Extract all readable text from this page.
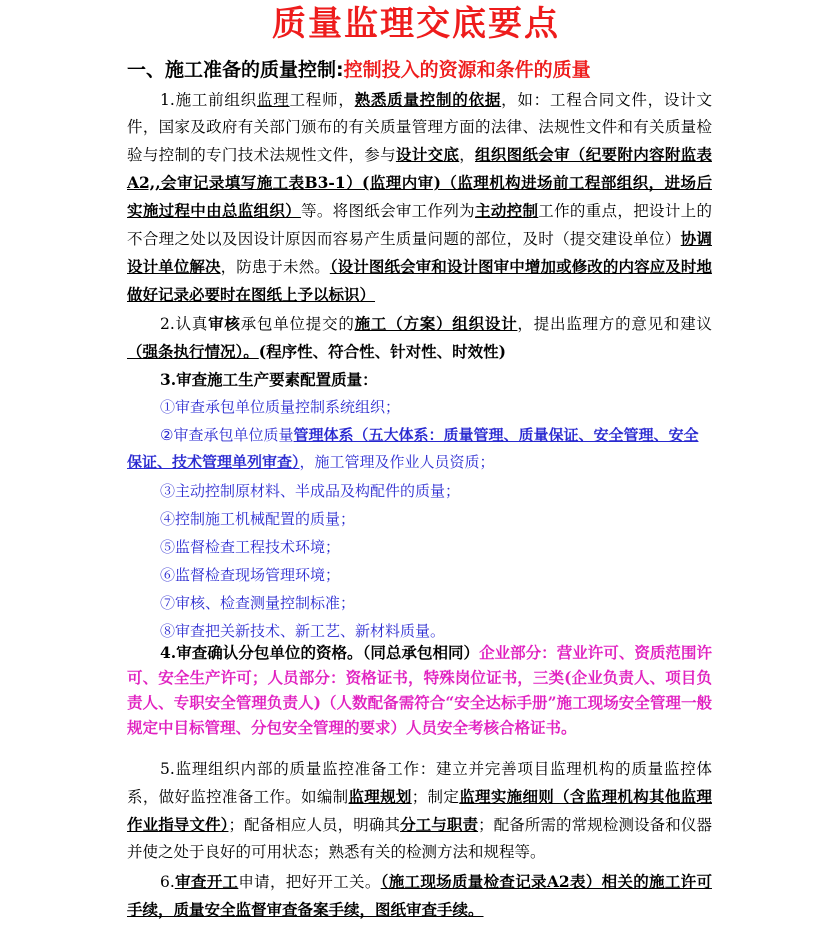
质量监理交底要点
一、施工准备的质量控制:控制投入的资源和条件的质量
1.施工前组织监理工程师，熟悉质量控制的依据，如：工程合同文件，设计文件，国家及政府有关部门颁布的有关质量管理方面的法律、法规性文件和有关质量检验与控制的专门技术法规性文件，参与设计交底，组织图纸会审（纪要附内容附监表A2,,会审记录填写施工表B3-1）(监理内审)（监理机构进场前工程部组织，进场后实施过程中由总监组织）等。将图纸会审工作列为主动控制工作的重点，把设计上的不合理之处以及因设计原因而容易产生质量问题的部位，及时（提交建设单位）协调设计单位解决，防患于未然。（设计图纸会审和设计图审中增加或修改的内容应及时地做好记录必要时在图纸上予以标识）
2.认真审核承包单位提交的施工（方案）组织设计，提出监理方的意见和建议（强条执行情况）。(程序性、符合性、针对性、时效性)
3.审查施工生产要素配置质量：
①审查承包单位质量控制系统组织；
②审查承包单位质量管理体系（五大体系：质量管理、质量保证、安全管理、安全保证、技术管理单列审查），施工管理及作业人员资质；
③主动控制原材料、半成品及构配件的质量；
④控制施工机械配置的质量；
⑤监督检查工程技术环境；
⑥监督检查现场管理环境；
⑦审核、检查测量控制标准；
⑧审查把关新技术、新工艺、新材料质量。
4.审查确认分包单位的资格。（同总承包相同）企业部分：营业许可、资质范围许可、安全生产许可；人员部分：资格证书，特殊岗位证书，三类(企业负责人、项目负责人、专职安全管理负责人)（人数配备需符合“安全达标手册”施工现场安全管理一般规定中目标管理、分包安全管理的要求）人员安全考核合格证书。
5.监理组织内部的质量监控准备工作：建立并完善项目监理机构的质量监控体系，做好监控准备工作。如编制监理规划；制定监理实施细则（含监理机构其他监理作业指导文件）；配备相应人员，明确其分工与职责；配备所需的常规检测设备和仪器并使之处于良好的可用状态；熟悉有关的检测方法和规程等。
6.审查开工申请，把好开工关。（施工现场质量检查记录A2表）相关的施工许可手续，质量安全监督审查备案手续，图纸审查手续。
